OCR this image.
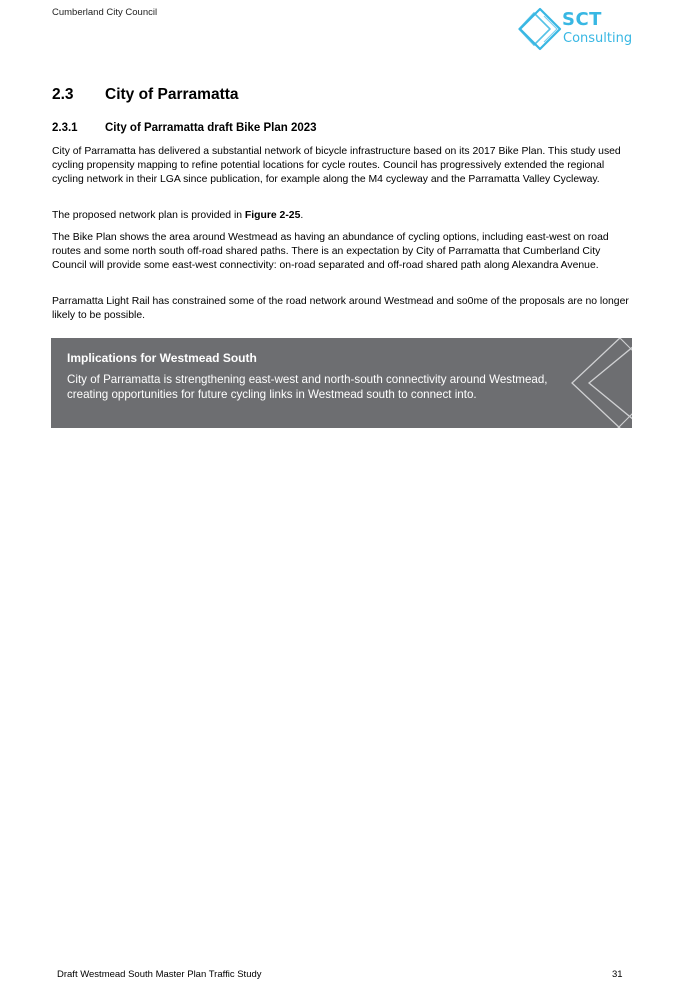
Cumberland City Council	SCT
Consulting
2.3 City of Parramatta
2.3.1 City of Parramatta draft Bike Plan 2023

City of Parramatta has delivered a substantial network of bicycle infrastructure based on its 2017 Bike Plan. This study used cycling propensity mapping to refine potential locations for cycle routes. Council has progressively extended the regional cycling network in their LGA since publication, for example along the M4 cycleway and the Parramatta Valley Cycleway.

The proposed network plan is provided in Figure 2-25.

The Bike Plan shows the area around Westmead as having an abundance of cycling options, including east-west on road routes and some north south off-road shared paths. There is an expectation by City of Parramatta that Cumberland City Council will provide some east-west connectivity: on-road separated and off-road shared path along Alexandra Avenue.

Parramatta Light Rail has constrained some of the road network around Westmead and so0me of the proposals are no longer likely to be possible.

Implications for Westmead South
City of Parramatta is strengthening east-west and north-south connectivity around Westmead, creating opportunities for future cycling links in Westmead south to connect into.
Draft Westmead South Master Plan Traffic Study	31
